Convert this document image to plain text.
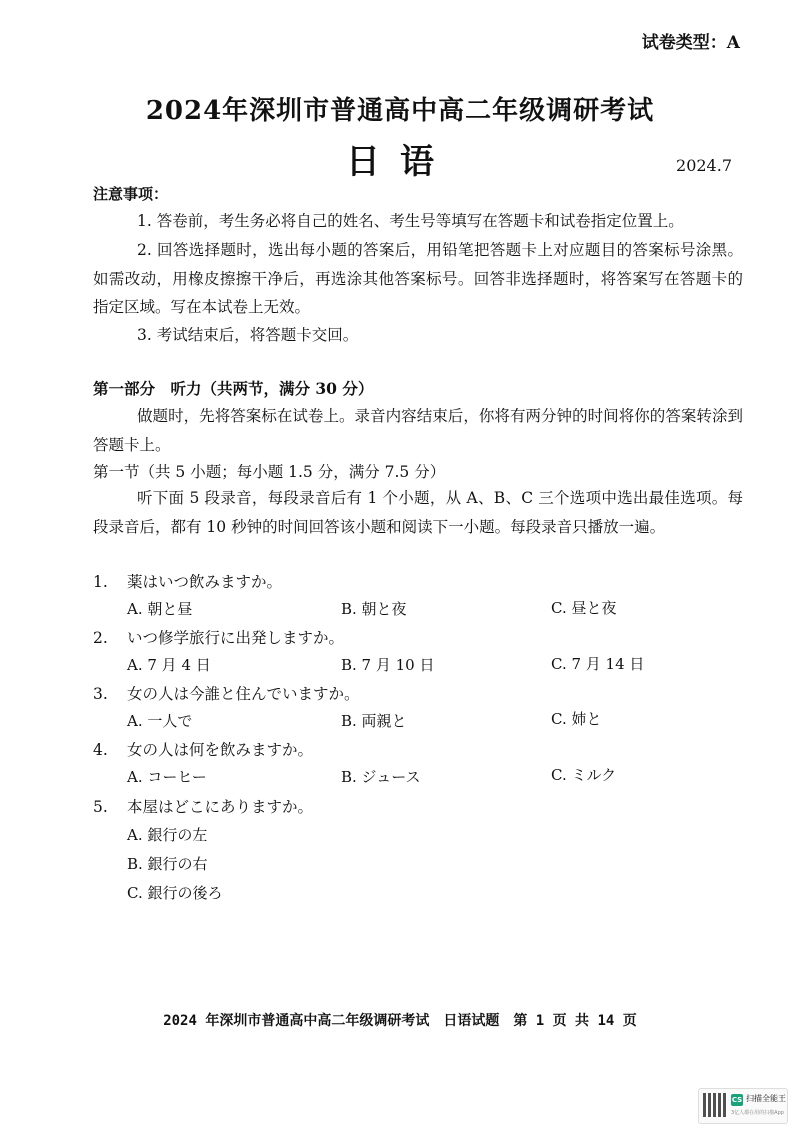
试卷类型：A
2024年深圳市普通高中高二年级调研考试
日语	2024.7
注意事项：
1. 答卷前，考生务必将自己的姓名、考生号等填写在答题卡和试卷指定位置上。
2. 回答选择题时，选出每小题的答案后，用铅笔把答题卡上对应题目的答案标号涂黑。如需改动，用橡皮擦擦干净后，再选涂其他答案标号。回答非选择题时，将答案写在答题卡的指定区域。写在本试卷上无效。
3. 考试结束后，将答题卡交回。
第一部分　听力（共两节，满分 30 分）
做题时，先将答案标在试卷上。录音内容结束后，你将有两分钟的时间将你的答案转涂到答题卡上。
第一节（共 5 小题；每小题 1.5 分，满分 7.5 分）
听下面 5 段录音，每段录音后有 1 个小题，从 A、B、C 三个选项中选出最佳选项。每段录音后，都有 10 秒钟的时间回答该小题和阅读下一小题。每段录音只播放一遍。
1. 薬はいつ飲みますか。
A. 朝と昼	B. 朝と夜	C. 昼と夜
2. いつ修学旅行に出発しますか。
A. 7 月 4 日	B. 7 月 10 日	C. 7 月 14 日
3. 女の人は今誰と住んでいますか。
A. 一人で	B. 両親と	C. 姉と
4. 女の人は何を飲みますか。
A. コーヒー	B. ジュース	C. ミルク
5. 本屋はどこにありますか。
A. 銀行の左
B. 銀行の右
C. 銀行の後ろ
2024 年深圳市普通高中高二年级调研考试　日语试题　第 1 页 共 14 页
CS 扫描全能王
3亿人都在用的扫描App
